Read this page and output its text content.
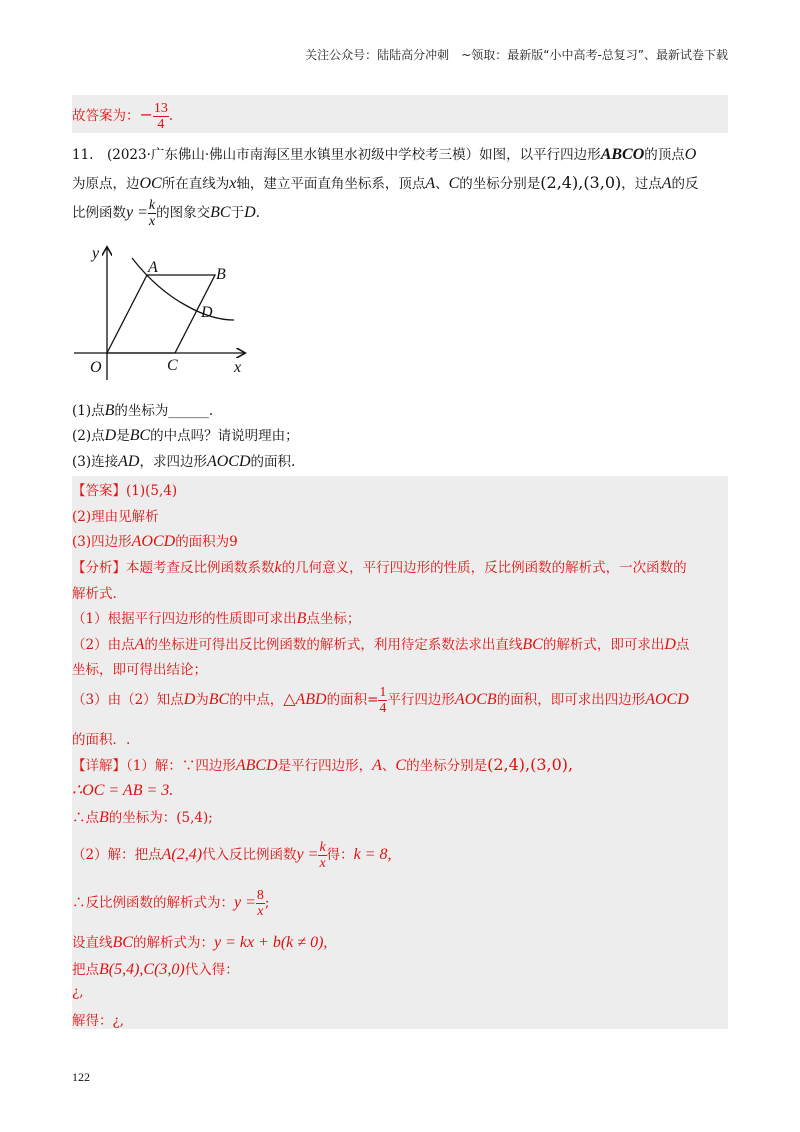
关注公众号：陆陆高分冲刺　~领取：最新版“小中高考-总复习”、最新试卷下载
故答案为：− $\frac{13}{4}$ .
11.　(2023·广东佛山·佛山市南海区里水镇里水初级中学校考三模）如图，以平行四边形ABCO的顶点O
为原点，边OC所在直线为x轴，建立平面直角坐标系，顶点A、C的坐标分别是(2,4),(3,0)，过点A的反
比例函数$y = \frac{k}{x}$ 的图象交BC于D.
y
x
O
A	B
C
D
(1)点B的坐标为______.
(2)点D是BC的中点吗？请说明理由；
(3)连接AD，求四边形AOCD的面积.
【答案】(1)(5,4)
(2)理由见解析
(3)四边形AOCD的面积为9
【分析】本题考查反比例函数系数k的几何意义，平行四边形的性质，反比例函数的解析式，一次函数的
解析式.
（1）根据平行四边形的性质即可求出B点坐标；
（2）由点A的坐标进可得出反比例函数的解析式，利用待定系数法求出直线BC的解析式，即可求出D点
坐标，即可得出结论；
（3）由（2）知点D为BC的中点，△ABD的面积= $\frac{1}{4}$ 平行四边形AOCB的面积，即可求出四边形AOCD
的面积．.
【详解】（1）解：∵四边形ABCD是平行四边形，A、C的坐标分别是(2,4),(3,0),
∴OC = AB = 3.
∴点B的坐标为：(5,4);
（2）解：把点A(2,4)代入反比例函数$y = \frac{k}{x}$ 得：k = 8,
∴反比例函数的解析式为：$y = \frac{8}{x}$ ;
设直线BC的解析式为：y = kx + b(k ≠ 0),
把点B(5,4),C(3,0)代入得：
¿,
解得：¿,
122
